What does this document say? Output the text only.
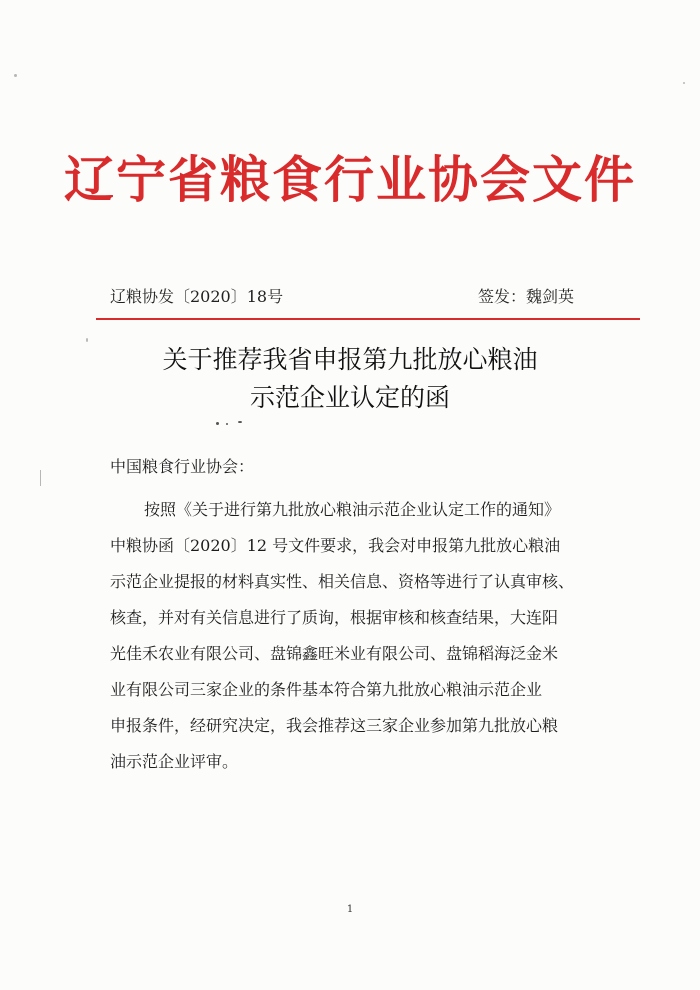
辽宁省粮食行业协会文件
辽粮协发〔2020〕18号	签发：魏剑英
关于推荐我省申报第九批放心粮油
示范企业认定的函
中国粮食行业协会：
按照《关于进行第九批放心粮油示范企业认定工作的通知》
中粮协函〔2020〕12 号文件要求，我会对申报第九批放心粮油
示范企业提报的材料真实性、相关信息、资格等进行了认真审核、
核查，并对有关信息进行了质询，根据审核和核查结果，大连阳
光佳禾农业有限公司、盘锦鑫旺米业有限公司、盘锦稻海泛金米
业有限公司三家企业的条件基本符合第九批放心粮油示范企业
申报条件，经研究决定，我会推荐这三家企业参加第九批放心粮
油示范企业评审。
1
